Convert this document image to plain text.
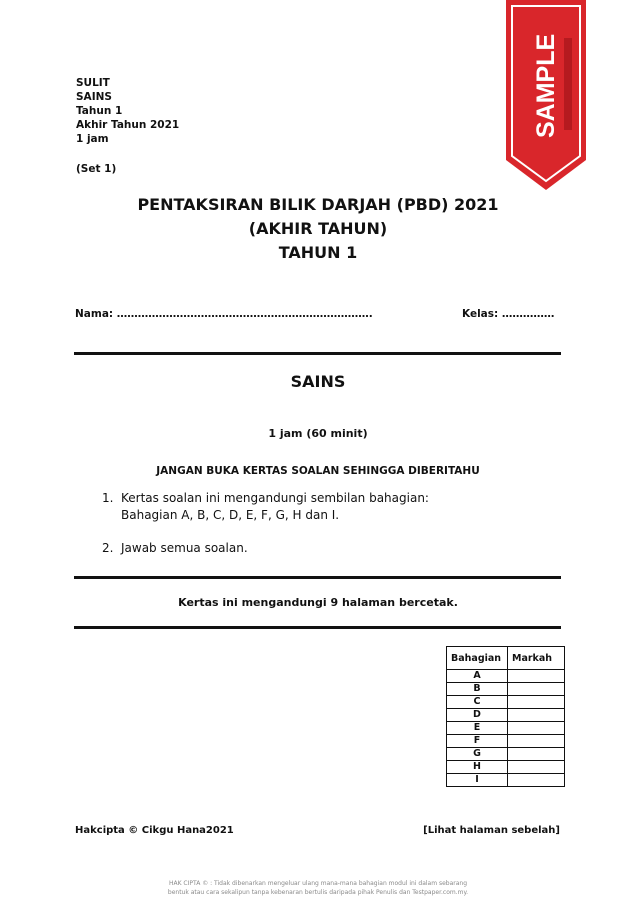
SAMPLE
SULIT
SAINS
Tahun 1
Akhir Tahun 2021
1 jam
(Set 1)
PENTAKSIRAN BILIK DARJAH (PBD) 2021
(AKHIR TAHUN)
TAHUN 1
Nama: ……………………………………………………………….	Kelas: ……………
SAINS
1 jam (60 minit)
JANGAN BUKA KERTAS SOALAN SEHINGGA DIBERITAHU
1. Kertas soalan ini mengandungi sembilan bahagian:
Bahagian A, B, C, D, E, F, G, H dan I.
2. Jawab semua soalan.
Kertas ini mengandungi 9 halaman bercetak.
Bahagian	Markah
A	
B	
C	
D	
E	
F	
G	
H	
I	
Hakcipta © Cikgu Hana2021	[Lihat halaman sebelah]
HAK CIPTA © : Tidak dibenarkan mengeluar ulang mana-mana bahagian modul ini dalam sebarang
bentuk atau cara sekalipun tanpa kebenaran bertulis daripada pihak Penulis dan Testpaper.com.my.
